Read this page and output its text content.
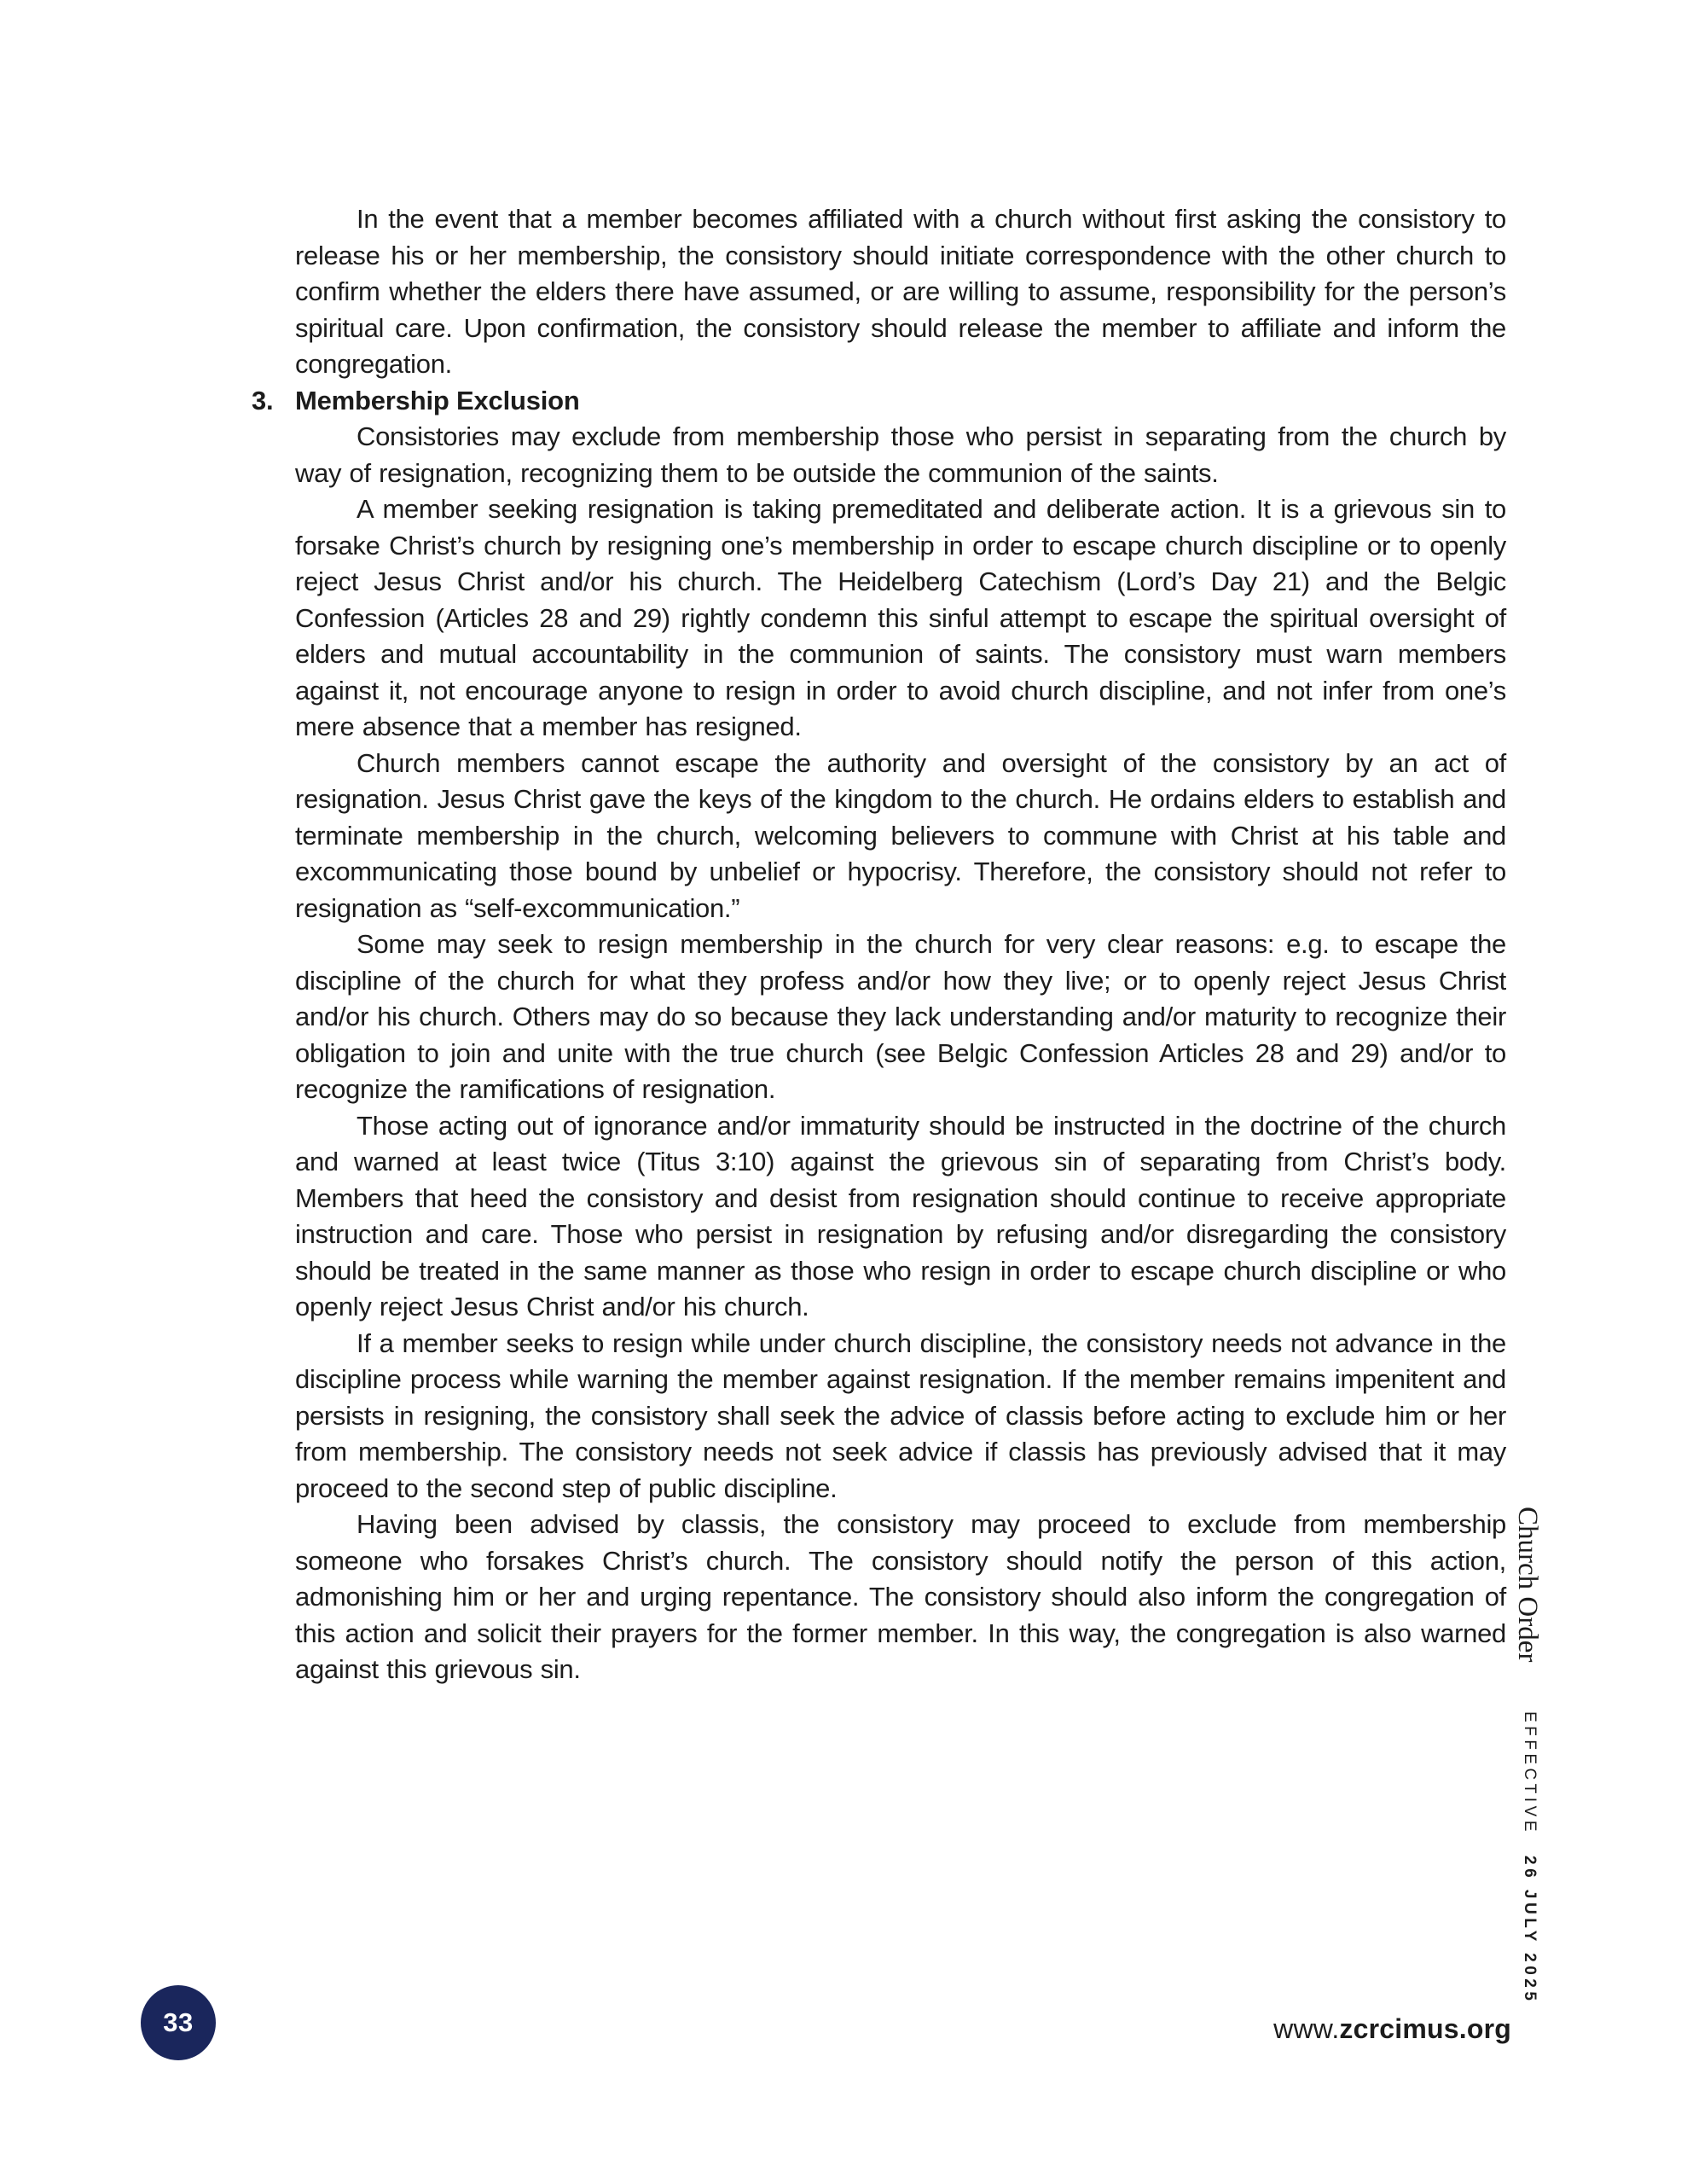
In the event that a member becomes affiliated with a church without first asking the consistory to release his or her membership, the consistory should initiate correspondence with the other church to confirm whether the elders there have assumed, or are willing to assume, responsibility for the person’s spiritual care. Upon confirmation, the consistory should release the member to affiliate and inform the congregation.

3. Membership Exclusion

Consistories may exclude from membership those who persist in separating from the church by way of resignation, recognizing them to be outside the communion of the saints.

A member seeking resignation is taking premeditated and deliberate action. It is a grievous sin to forsake Christ’s church by resigning one’s membership in order to escape church discipline or to openly reject Jesus Christ and/or his church. The Heidelberg Catechism (Lord’s Day 21) and the Belgic Confession (Articles 28 and 29) rightly condemn this sinful attempt to escape the spiritual oversight of elders and mutual accountability in the communion of saints. The consistory must warn members against it, not encourage anyone to resign in order to avoid church discipline, and not infer from one’s mere absence that a member has resigned.

Church members cannot escape the authority and oversight of the consistory by an act of resignation. Jesus Christ gave the keys of the kingdom to the church. He ordains elders to establish and terminate membership in the church, welcoming believers to commune with Christ at his table and excommunicating those bound by unbelief or hypocrisy. Therefore, the consistory should not refer to resignation as “self-excommunication.”

Some may seek to resign membership in the church for very clear reasons: e.g. to escape the discipline of the church for what they profess and/or how they live; or to openly reject Jesus Christ and/or his church. Others may do so because they lack understanding and/or maturity to recognize their obligation to join and unite with the true church (see Belgic Confession Articles 28 and 29) and/or to recognize the ramifications of resignation.

Those acting out of ignorance and/or immaturity should be instructed in the doctrine of the church and warned at least twice (Titus 3:10) against the grievous sin of separating from Christ’s body. Members that heed the consistory and desist from resignation should continue to receive appropriate instruction and care. Those who persist in resignation by refusing and/or disregarding the consistory should be treated in the same manner as those who resign in order to escape church discipline or who openly reject Jesus Christ and/or his church.

If a member seeks to resign while under church discipline, the consistory needs not advance in the discipline process while warning the member against resignation. If the member remains impenitent and persists in resigning, the consistory shall seek the advice of classis before acting to exclude him or her from membership. The consistory needs not seek advice if classis has previously advised that it may proceed to the second step of public discipline.

Having been advised by classis, the consistory may proceed to exclude from membership someone who forsakes Christ’s church. The consistory should notify the person of this action, admonishing him or her and urging repentance. The consistory should also inform the congregation of this action and solicit their prayers for the former member. In this way, the congregation is also warned against this grievous sin.

Church Order
EFFECTIVE 26 JULY 2025
33	www.zcrcimus.org
